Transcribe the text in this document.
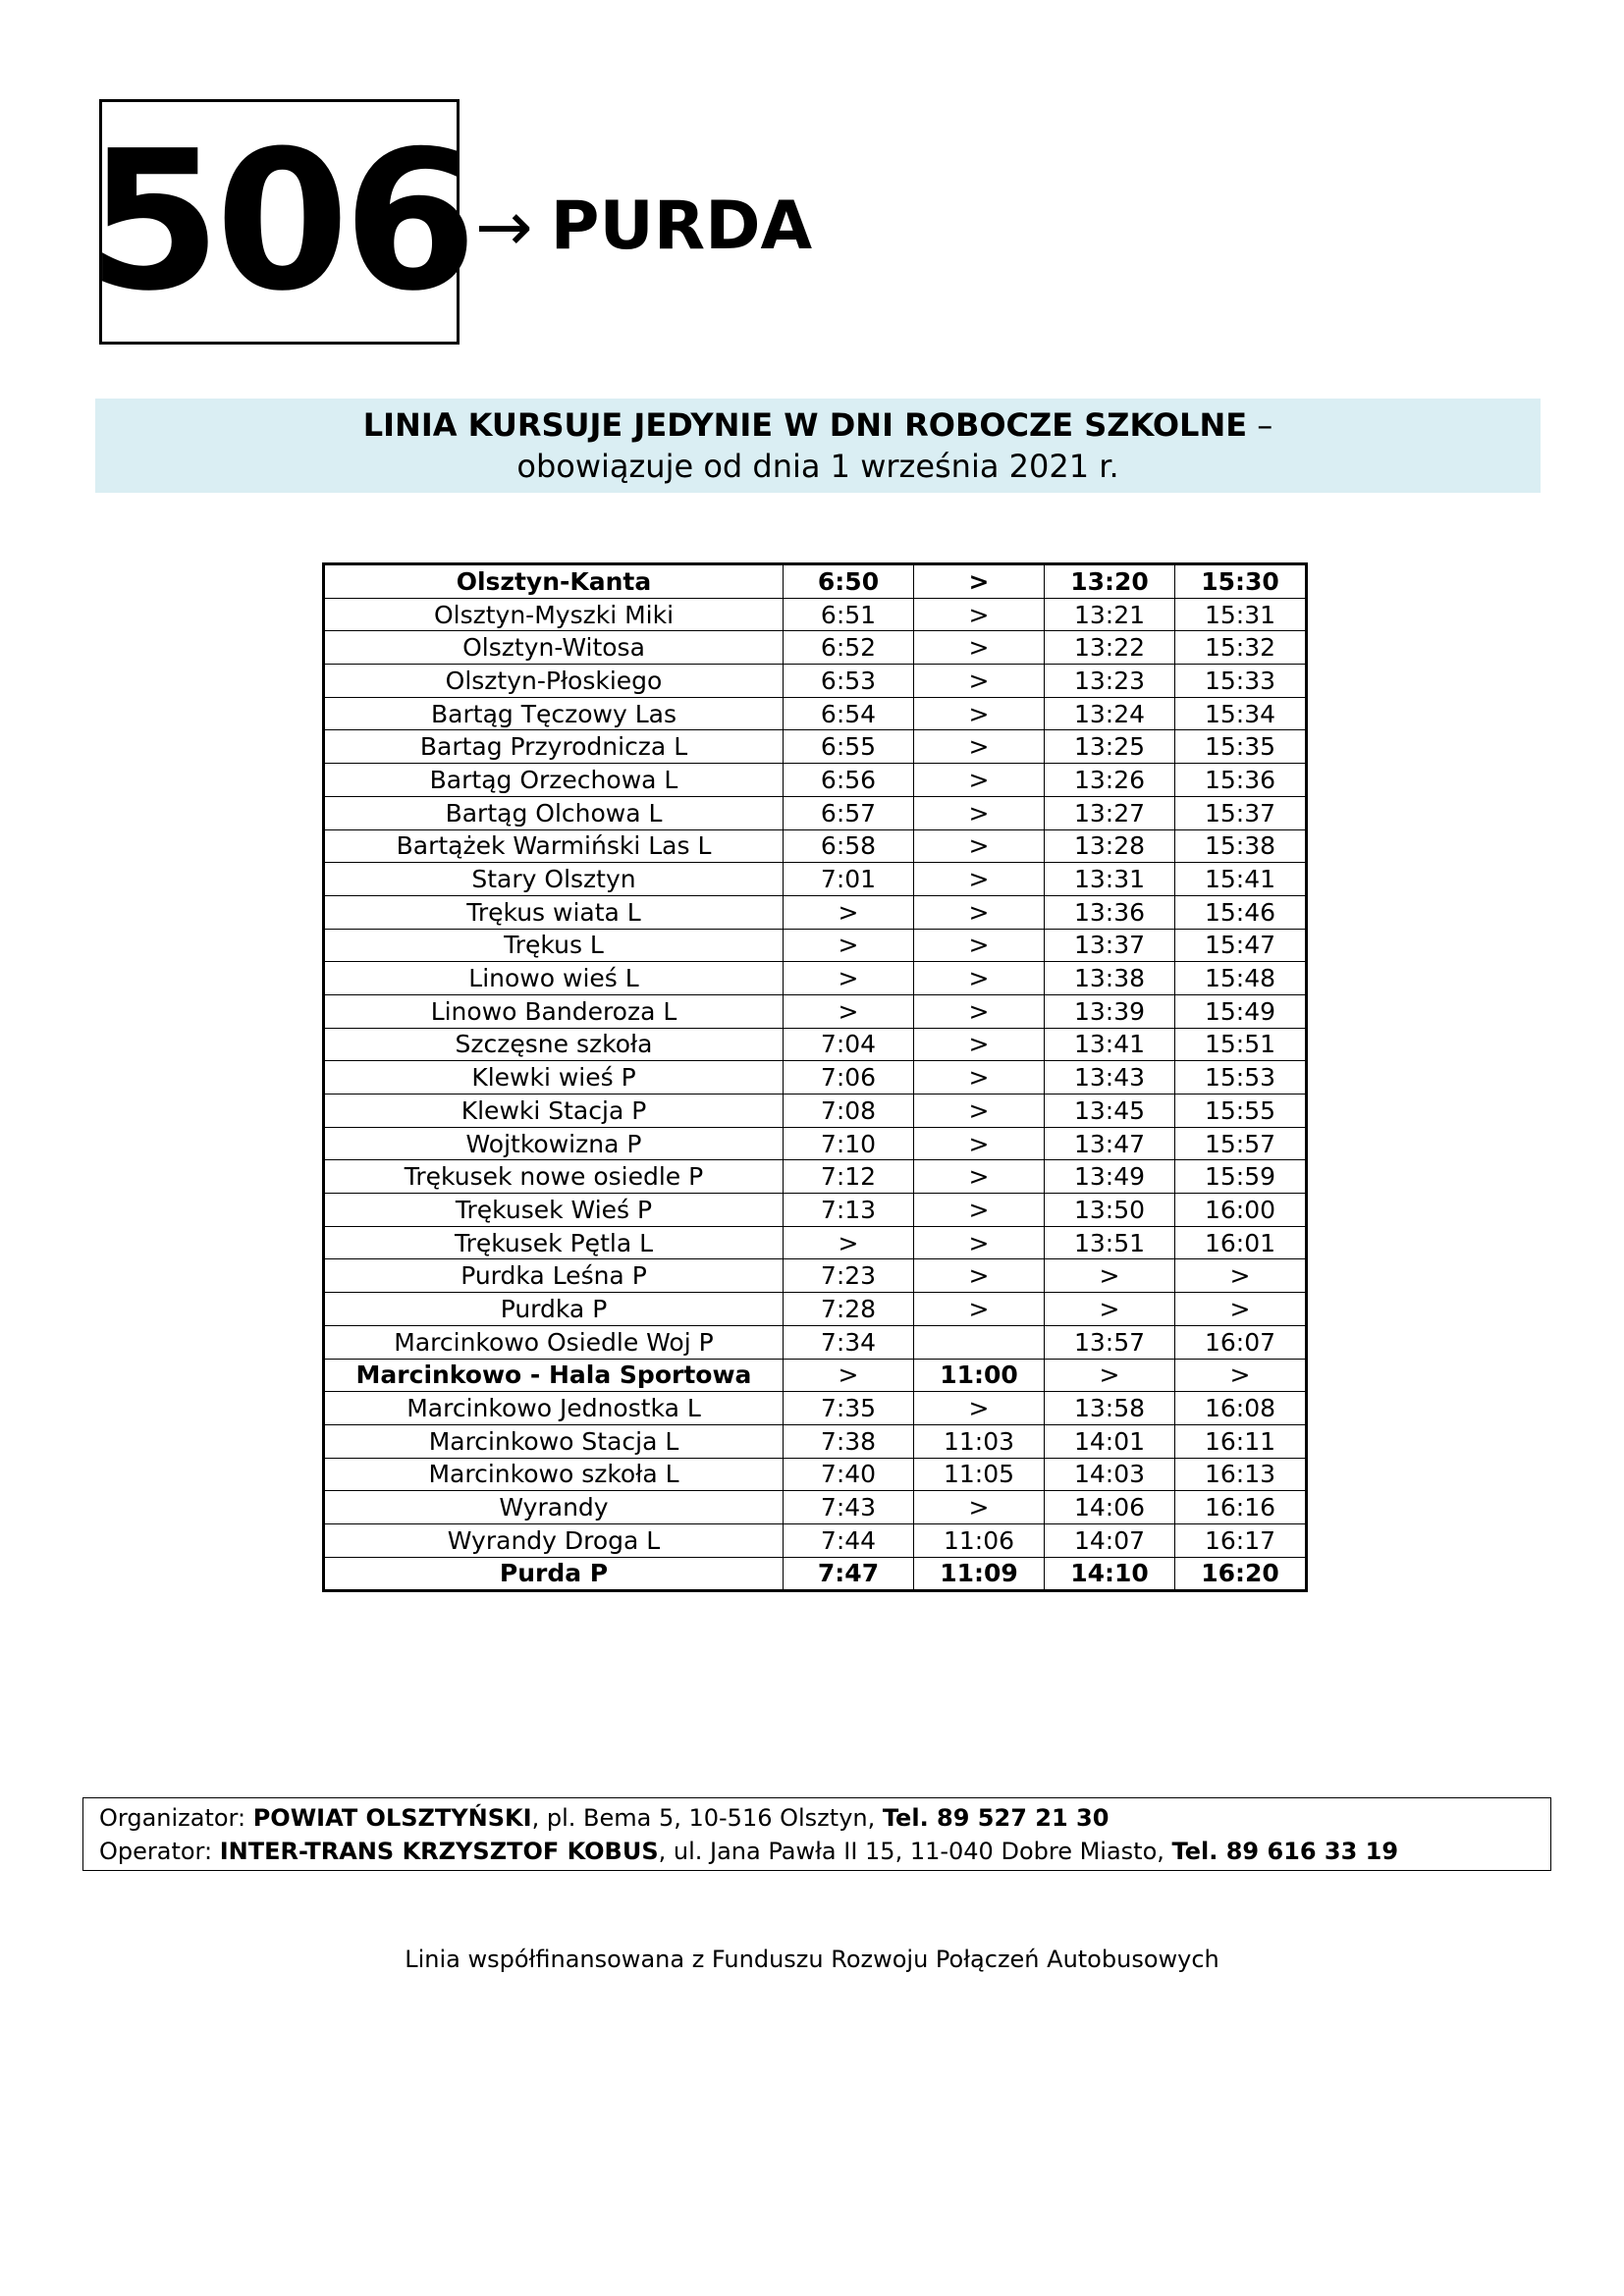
506 → PURDA
LINIA KURSUJE JEDYNIE W DNI ROBOCZE SZKOLNE –
obowiązuje od dnia 1 września 2021 r.
Olsztyn-Kanta	6:50	>	13:20	15:30
Olsztyn-Myszki Miki	6:51	>	13:21	15:31
Olsztyn-Witosa	6:52	>	13:22	15:32
Olsztyn-Płoskiego	6:53	>	13:23	15:33
Bartąg Tęczowy Las	6:54	>	13:24	15:34
Bartag Przyrodnicza L	6:55	>	13:25	15:35
Bartąg Orzechowa L	6:56	>	13:26	15:36
Bartąg Olchowa L	6:57	>	13:27	15:37
Bartążek Warmiński Las L	6:58	>	13:28	15:38
Stary Olsztyn	7:01	>	13:31	15:41
Trękus wiata L	>	>	13:36	15:46
Trękus L	>	>	13:37	15:47
Linowo wieś L	>	>	13:38	15:48
Linowo Banderoza L	>	>	13:39	15:49
Szczęsne szkoła	7:04	>	13:41	15:51
Klewki wieś P	7:06	>	13:43	15:53
Klewki Stacja P	7:08	>	13:45	15:55
Wojtkowizna P	7:10	>	13:47	15:57
Trękusek nowe osiedle P	7:12	>	13:49	15:59
Trękusek Wieś P	7:13	>	13:50	16:00
Trękusek Pętla L	>	>	13:51	16:01
Purdka Leśna P	7:23	>	>	>
Purdka P	7:28	>	>	>
Marcinkowo Osiedle Woj P	7:34		13:57	16:07
Marcinkowo - Hala Sportowa	>	11:00	>	>
Marcinkowo Jednostka L	7:35	>	13:58	16:08
Marcinkowo Stacja L	7:38	11:03	14:01	16:11
Marcinkowo szkoła L	7:40	11:05	14:03	16:13
Wyrandy	7:43	>	14:06	16:16
Wyrandy Droga L	7:44	11:06	14:07	16:17
Purda P	7:47	11:09	14:10	16:20
Organizator: POWIAT OLSZTYŃSKI, pl. Bema 5, 10-516 Olsztyn, Tel. 89 527 21 30
Operator: INTER-TRANS KRZYSZTOF KOBUS, ul. Jana Pawła II 15, 11-040 Dobre Miasto, Tel. 89 616 33 19
Linia współfinansowana z Funduszu Rozwoju Połączeń Autobusowych
